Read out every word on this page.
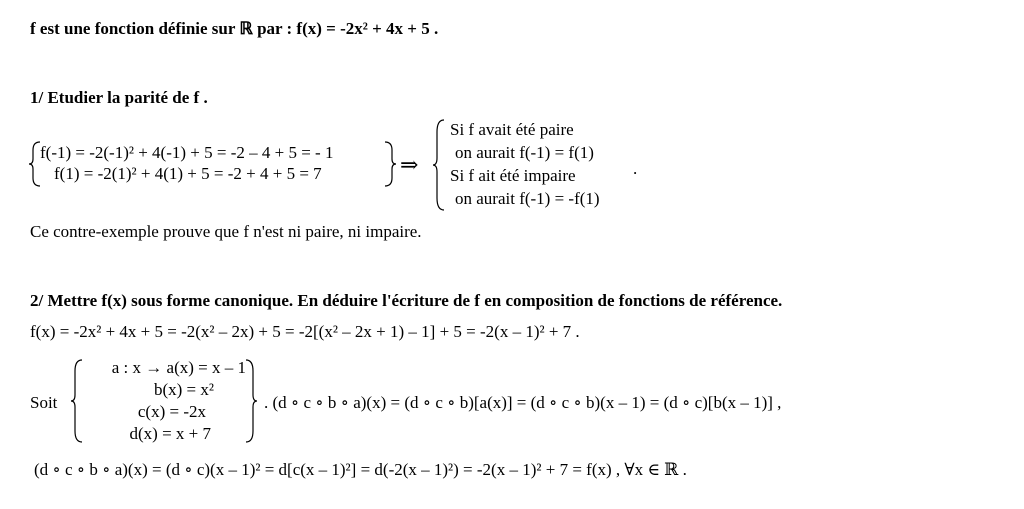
f est une fonction définie sur ℝ par : f(x) = -2x² + 4x + 5 .
1/ Etudier la parité de f .
f(-1) = -2(-1)² + 4(-1) + 5 = -2 – 4 + 5 = - 1
f(1) = -2(1)² + 4(1) + 5 = -2 + 4 + 5 = 7	⇒
Si f avait été paire
on aurait f(-1) = f(1)
Si f ait été impaire
on aurait f(-1) = -f(1)
.
Ce contre-exemple prouve que f n'est ni paire, ni impaire.
2/ Mettre f(x) sous forme canonique. En déduire l'écriture de f en composition de fonctions de référence.
f(x) = -2x² + 4x + 5 = -2(x² – 2x) + 5 = -2[(x² – 2x + 1) – 1] + 5 = -2(x – 1)² + 7 .
Soit
a : x → a(x) = x – 1
b(x) = x²
c(x) = -2x
d(x) = x + 7
. (d ∘ c ∘ b ∘ a)(x) = (d ∘ c ∘ b)[a(x)] = (d ∘ c ∘ b)(x – 1) = (d ∘ c)[b(x – 1)] ,
(d ∘ c ∘ b ∘ a)(x) = (d ∘ c)(x – 1)² = d[c(x – 1)²] = d(-2(x – 1)²) = -2(x – 1)² + 7 = f(x) , ∀x ∈ ℝ .
